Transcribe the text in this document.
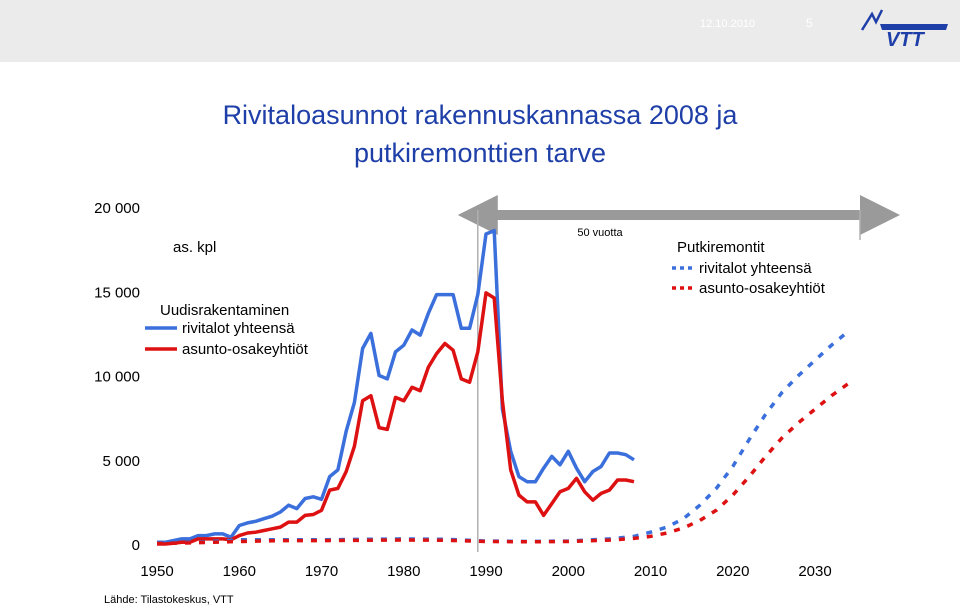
12.10.2010	5
VTT
Rivitaloasunnot rakennuskannassa 2008 ja
putkiremonttien tarve
50 vuotta
0
5 000
10 000
15 000
20 000
1950	1960	1970	1980	1990	2000	2010	2020	2030
as. kpl
Uudisrakentaminen
rivitalot yhteensä
asunto-osakeyhtiöt
Putkiremontit
rivitalot yhteensä
asunto-osakeyhtiöt
Lähde: Tilastokeskus, VTT
